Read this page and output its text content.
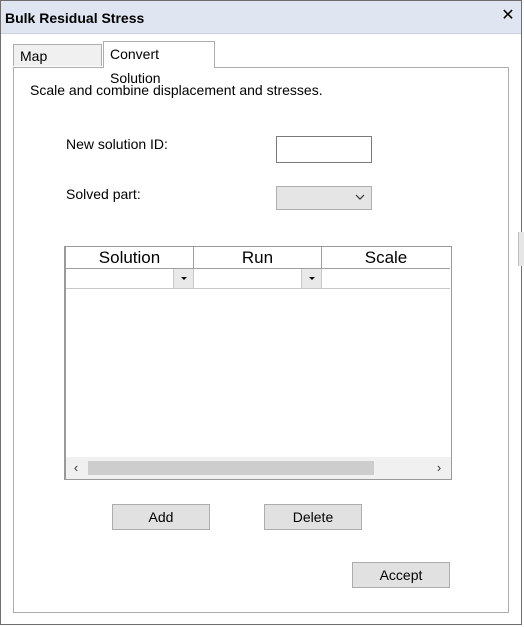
Bulk Residual Stress	✕
Map	Convert Solution
Scale and combine displacement and stresses.
New solution ID:
Solved part:
Solution	Run	Scale
‹	›
Add	Delete
Accept
